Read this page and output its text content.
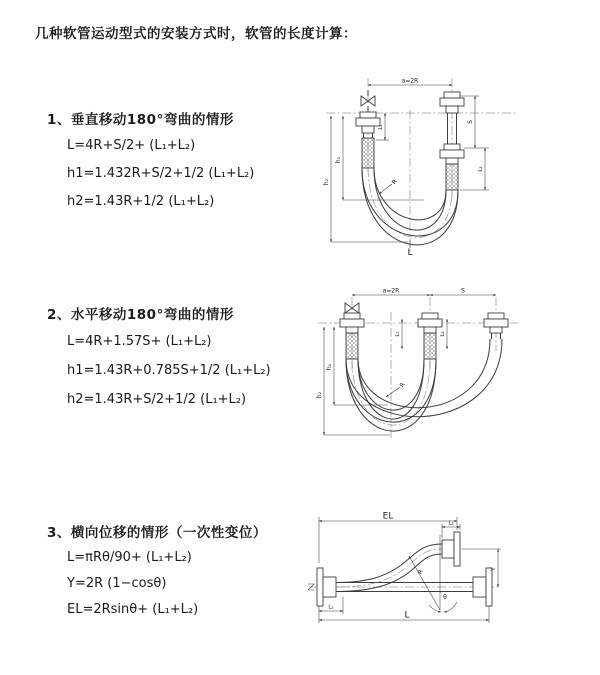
几种软管运动型式的安装方式时，软管的长度计算：
1、垂直移动180°弯曲的情形
L=4R+S/2+ (L₁+L₂)
h1=1.432R+S/2+1/2 (L₁+L₂)
h2=1.43R+1/2 (L₁+L₂)
a=2R
h₁
h₂
L₁
S
L₂
R
L
2、水平移动180°弯曲的情形
L=4R+1.57S+ (L₁+L₂)
h1=1.43R+0.785S+1/2 (L₁+L₂)
h2=1.43R+S/2+1/2 (L₁+L₂)
a=2R	S
h₁
h₂
L₁	L₂
R
3、横向位移的情形（一次性变位）
L=πRθ/90+ (L₁+L₂)
Y=2R (1−cosθ)
EL=2Rsinθ+ (L₁+L₂)
EL
L₂
Y
R
θ
L₁
L
